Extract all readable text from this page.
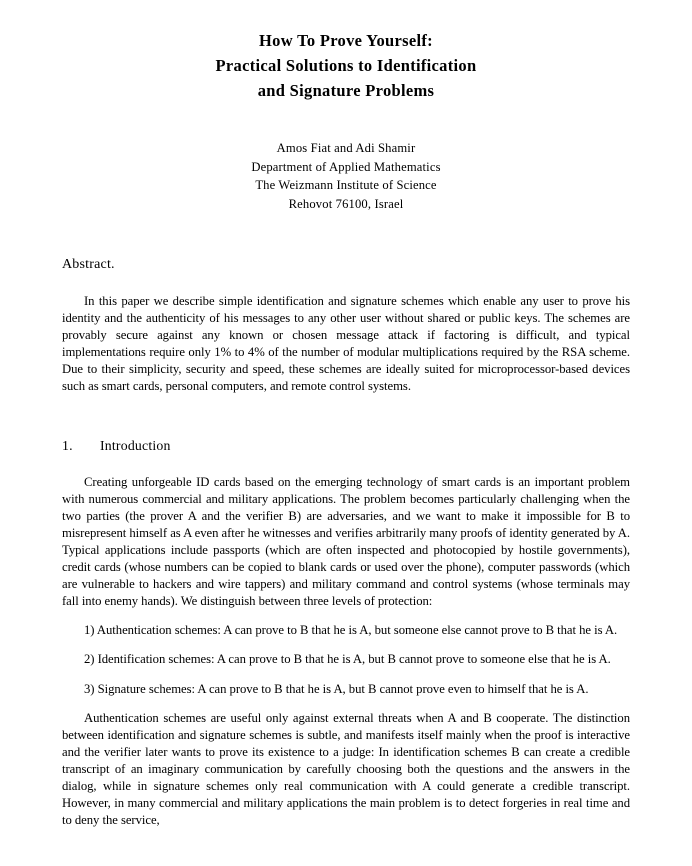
How To Prove Yourself:
Practical Solutions to Identification
and Signature Problems
Amos Fiat and Adi Shamir
Department of Applied Mathematics
The Weizmann Institute of Science
Rehovot 76100, Israel
Abstract.

In this paper we describe simple identification and signature schemes which enable any user to prove his identity and the authenticity of his messages to any other user without shared or public keys. The schemes are provably secure against any known or chosen message attack if factoring is difficult, and typical implementations require only 1% to 4% of the number of modular multiplications required by the RSA scheme. Due to their simplicity, security and speed, these schemes are ideally suited for microprocessor-based devices such as smart cards, personal computers, and remote control systems.

1. Introduction

Creating unforgeable ID cards based on the emerging technology of smart cards is an important problem with numerous commercial and military applications. The problem becomes particularly challenging when the two parties (the prover A and the verifier B) are adversaries, and we want to make it impossible for B to misrepresent himself as A even after he witnesses and verifies arbitrarily many proofs of identity generated by A. Typical applications include passports (which are often inspected and photocopied by hostile governments), credit cards (whose numbers can be copied to blank cards or used over the phone), computer passwords (which are vulnerable to hackers and wire tappers) and military command and control systems (whose terminals may fall into enemy hands). We distinguish between three levels of protection:

1) Authentication schemes: A can prove to B that he is A, but someone else cannot prove to B that he is A.

2) Identification schemes: A can prove to B that he is A, but B cannot prove to someone else that he is A.

3) Signature schemes: A can prove to B that he is A, but B cannot prove even to himself that he is A.

Authentication schemes are useful only against external threats when A and B cooperate. The distinction between identification and signature schemes is subtle, and manifests itself mainly when the proof is interactive and the verifier later wants to prove its existence to a judge: In identification schemes B can create a credible transcript of an imaginary communication by carefully choosing both the questions and the answers in the dialog, while in signature schemes only real communication with A could generate a credible transcript. However, in many commercial and military applications the main problem is to detect forgeries in real time and to deny the service,
